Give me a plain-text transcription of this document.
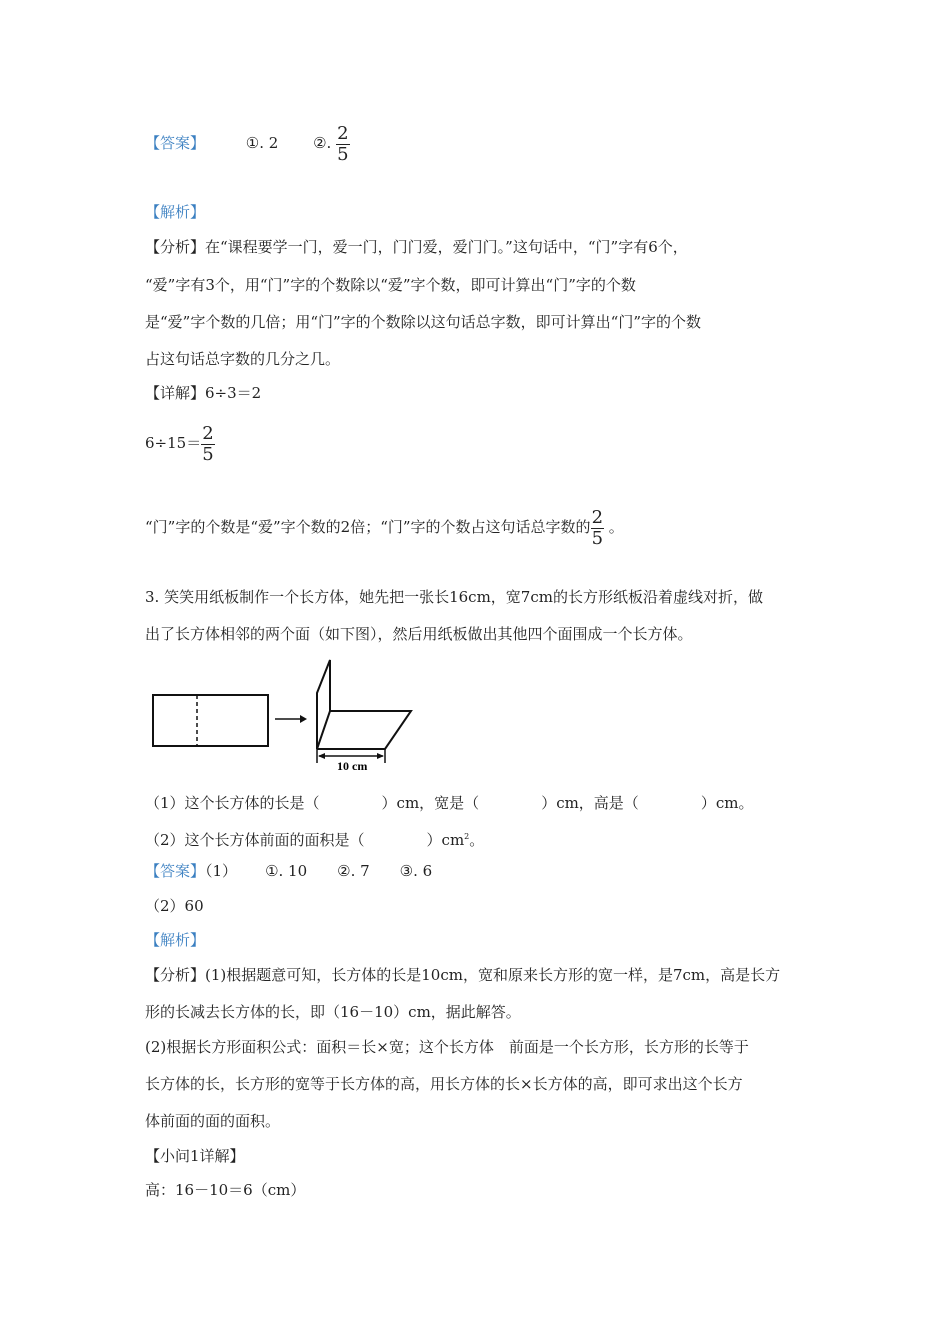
【答案】	①. 2 ②. $\frac{2}{5}$
【解析】
【分析】在“课程要学一门，爱一门，门门爱，爱门门。”这句话中，“门”字有6个，
“爱”字有3个，用“门”字的个数除以“爱”字个数，即可计算出“门”字的个数
是“爱”字个数的几倍；用“门”字的个数除以这句话总字数，即可计算出“门”字的个数
占这句话总字数的几分之几。
【详解】6÷3＝2
$6\div 15= \frac{2}{5}$
“门”字的个数是“爱”字个数的2倍；“门”字的个数占这句话总字数的 $\frac{2}{5}$ 。
3. 笑笑用纸板制作一个长方体，她先把一张长16cm，宽7cm的长方形纸板沿着虚线对折，做
出了长方体相邻的两个面（如下图），然后用纸板做出其他四个面围成一个长方体。
10 cm
（1）这个长方体的长是（	）cm，宽是（	）cm，高是（	）cm。
（2）这个长方体前面的面积是（	）$cm^2$。
【答案】（1） ①. 10 ②. 7 ③. 6
（2）60
【解析】
【分析】(1)根据题意可知，长方体的长是10cm，宽和原来长方形的宽一样，是7cm，高是长方
形的长减去长方体的长，即（16－10）cm，据此解答。
(2)根据长方形面积公式：面积＝长×宽；这个长方体　前面是一个长方形，长方形的长等于
长方体的长，长方形的宽等于长方体的高，用长方体的长×长方体的高，即可求出这个长方
体前面的面的面积。
【小问1详解】
高：16－10＝6（cm）
